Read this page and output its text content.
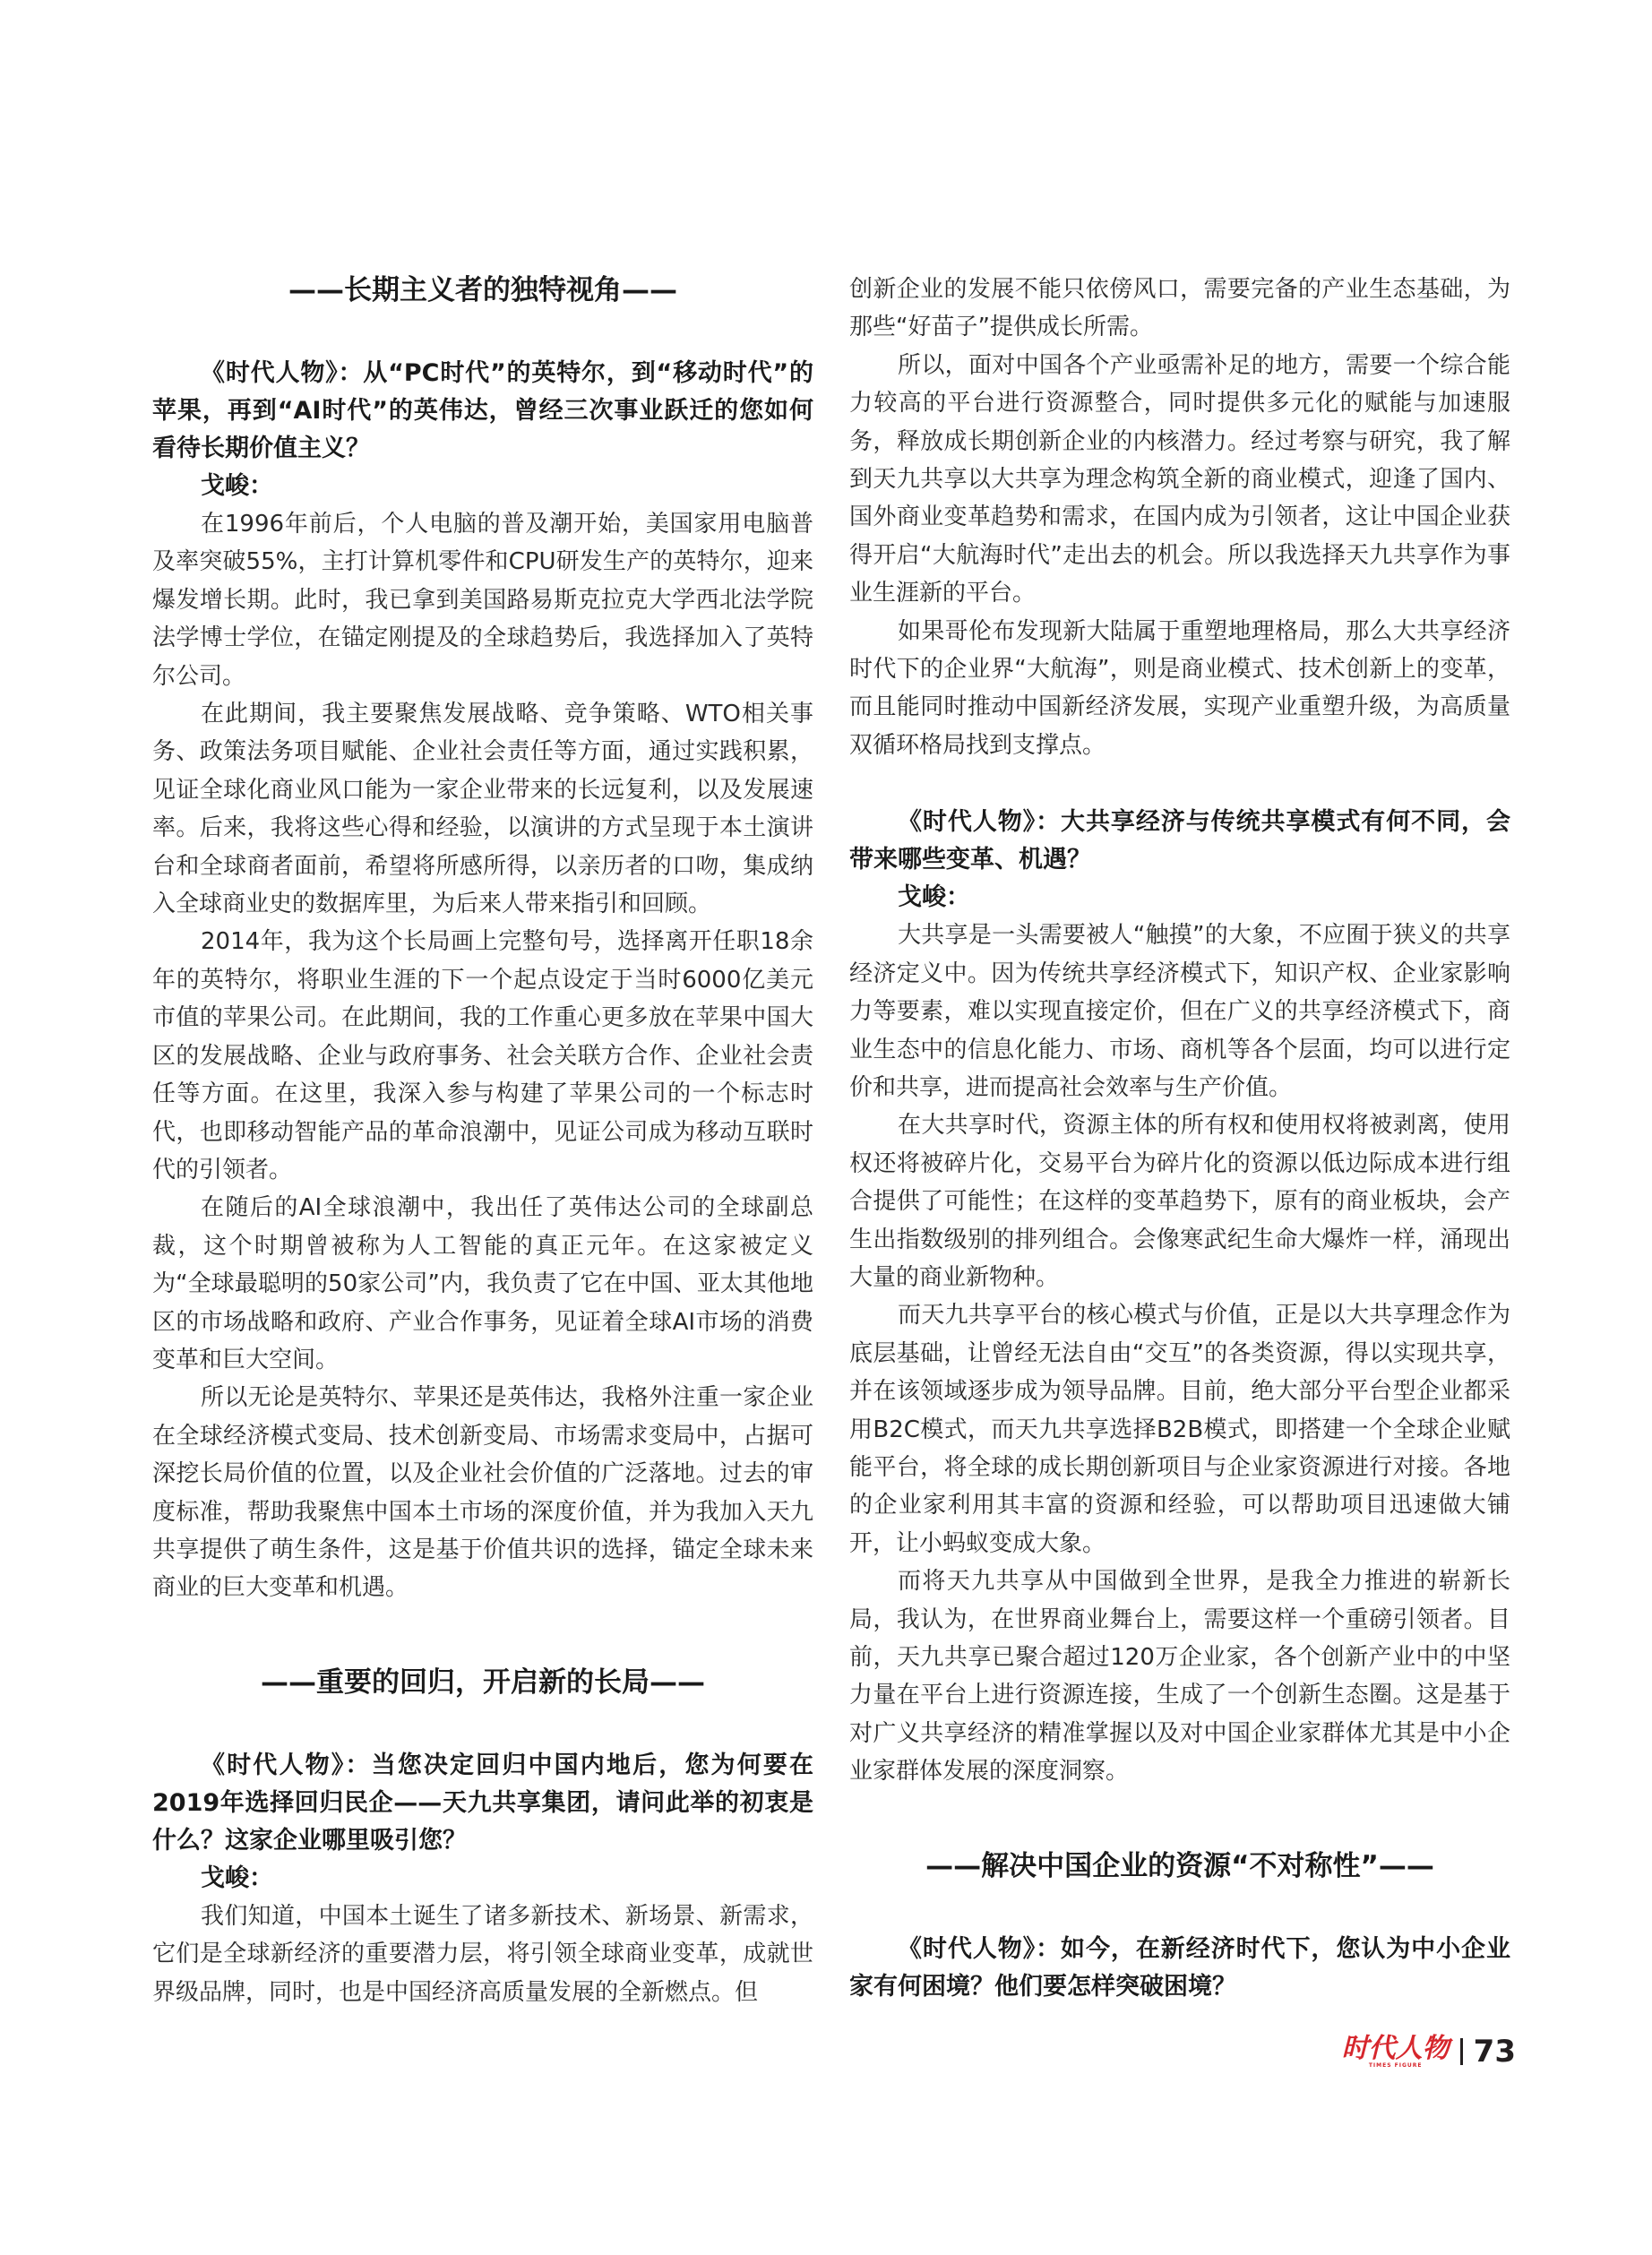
——长期主义者的独特视角——

《时代人物》：从“PC时代”的英特尔，到“移动时代”的苹果，再到“AI时代”的英伟达，曾经三次事业跃迁的您如何看待长期价值主义？

戈峻：

在1996年前后，个人电脑的普及潮开始，美国家用电脑普及率突破55%，主打计算机零件和CPU研发生产的英特尔，迎来爆发增长期。此时，我已拿到美国路易斯克拉克大学西北法学院法学博士学位，在锚定刚提及的全球趋势后，我选择加入了英特尔公司。

在此期间，我主要聚焦发展战略、竞争策略、WTO相关事务、政策法务项目赋能、企业社会责任等方面，通过实践积累，见证全球化商业风口能为一家企业带来的长远复利，以及发展速率。后来，我将这些心得和经验，以演讲的方式呈现于本土演讲台和全球商者面前，希望将所感所得，以亲历者的口吻，集成纳入全球商业史的数据库里，为后来人带来指引和回顾。

2014年，我为这个长局画上完整句号，选择离开任职18余年的英特尔，将职业生涯的下一个起点设定于当时6000亿美元市值的苹果公司。在此期间，我的工作重心更多放在苹果中国大区的发展战略、企业与政府事务、社会关联方合作、企业社会责任等方面。在这里，我深入参与构建了苹果公司的一个标志时代，也即移动智能产品的革命浪潮中，见证公司成为移动互联时代的引领者。

在随后的AI全球浪潮中，我出任了英伟达公司的全球副总裁，这个时期曾被称为人工智能的真正元年。在这家被定义为“全球最聪明的50家公司”内，我负责了它在中国、亚太其他地区的市场战略和政府、产业合作事务，见证着全球AI市场的消费变革和巨大空间。

所以无论是英特尔、苹果还是英伟达，我格外注重一家企业在全球经济模式变局、技术创新变局、市场需求变局中，占据可深挖长局价值的位置，以及企业社会价值的广泛落地。过去的审度标准，帮助我聚焦中国本土市场的深度价值，并为我加入天九共享提供了萌生条件，这是基于价值共识的选择，锚定全球未来商业的巨大变革和机遇。

——重要的回归，开启新的长局——

《时代人物》：当您决定回归中国内地后，您为何要在2019年选择回归民企——天九共享集团，请问此举的初衷是什么？这家企业哪里吸引您？

戈峻：

我们知道，中国本土诞生了诸多新技术、新场景、新需求，它们是全球新经济的重要潜力层，将引领全球商业变革，成就世界级品牌，同时，也是中国经济高质量发展的全新燃点。但

创新企业的发展不能只依傍风口，需要完备的产业生态基础，为那些“好苗子”提供成长所需。

所以，面对中国各个产业亟需补足的地方，需要一个综合能力较高的平台进行资源整合，同时提供多元化的赋能与加速服务，释放成长期创新企业的内核潜力。经过考察与研究，我了解到天九共享以大共享为理念构筑全新的商业模式，迎逢了国内、国外商业变革趋势和需求，在国内成为引领者，这让中国企业获得开启“大航海时代”走出去的机会。所以我选择天九共享作为事业生涯新的平台。

如果哥伦布发现新大陆属于重塑地理格局，那么大共享经济时代下的企业界“大航海”，则是商业模式、技术创新上的变革，而且能同时推动中国新经济发展，实现产业重塑升级，为高质量双循环格局找到支撑点。

《时代人物》：大共享经济与传统共享模式有何不同，会带来哪些变革、机遇？

戈峻：

大共享是一头需要被人“触摸”的大象，不应囿于狭义的共享经济定义中。因为传统共享经济模式下，知识产权、企业家影响力等要素，难以实现直接定价，但在广义的共享经济模式下，商业生态中的信息化能力、市场、商机等各个层面，均可以进行定价和共享，进而提高社会效率与生产价值。

在大共享时代，资源主体的所有权和使用权将被剥离，使用权还将被碎片化，交易平台为碎片化的资源以低边际成本进行组合提供了可能性；在这样的变革趋势下，原有的商业板块，会产生出指数级别的排列组合。会像寒武纪生命大爆炸一样，涌现出大量的商业新物种。

而天九共享平台的核心模式与价值，正是以大共享理念作为底层基础，让曾经无法自由“交互”的各类资源，得以实现共享，并在该领域逐步成为领导品牌。目前，绝大部分平台型企业都采用B2C模式，而天九共享选择B2B模式，即搭建一个全球企业赋能平台，将全球的成长期创新项目与企业家资源进行对接。各地的企业家利用其丰富的资源和经验，可以帮助项目迅速做大铺开，让小蚂蚁变成大象。

而将天九共享从中国做到全世界，是我全力推进的崭新长局，我认为，在世界商业舞台上，需要这样一个重磅引领者。目前，天九共享已聚合超过120万企业家，各个创新产业中的中坚力量在平台上进行资源连接，生成了一个创新生态圈。这是基于对广义共享经济的精准掌握以及对中国企业家群体尤其是中小企业家群体发展的深度洞察。

——解决中国企业的资源“不对称性”——

《时代人物》：如今，在新经济时代下，您认为中小企业家有何困境？他们要怎样突破困境？

时代人物
TIMES FIGURE 73
